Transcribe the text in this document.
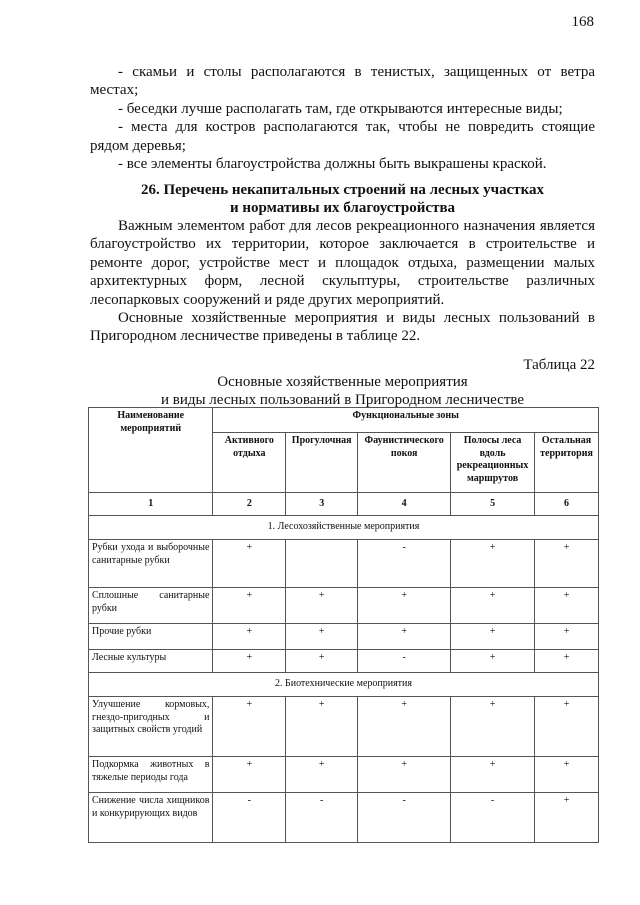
168

- скамьи и столы располагаются в тенистых, защищенных от ветра местах;

- беседки лучше располагать там, где открываются интересные виды;

- места для костров располагаются так, чтобы не повредить стоящие рядом деревья;

- все элементы благоустройства должны быть выкрашены краской.

26. Перечень некапитальных строений на лесных участках
и нормативы их благоустройства

Важным элементом работ для лесов рекреационного назначения является благоустройство их территории, которое заключается в строительстве и ремонте дорог, устройстве мест и площадок отдыха, размещении малых архитектурных форм, лесной скульптуры, строительстве различных лесопарковых сооружений и ряде других мероприятий.

Основные хозяйственные мероприятия и виды лесных пользований в Пригородном лесничестве приведены в таблице 22.

Таблица 22
Основные хозяйственные мероприятия
и виды лесных пользований в Пригородном лесничестве
Наименование мероприятий	Функциональные зоны				
	Активного отдыха	Прогулочная	Фаунистического покоя	Полосы леса вдоль рекреационных маршрутов	Остальная территория
1	2	3	4	5	6
1. Лесохозяйственные мероприятия					
Рубки ухода и выборочные санитарные рубки	+		-	+	+
Сплошные санитарные рубки	+	+	+	+	+
Прочие рубки	+	+	+	+	+
Лесные культуры	+	+	-	+	+
2. Биотехнические мероприятия					
Улучшение кормовых, гнездо-пригодных и защитных свойств угодий	+	+	+	+	+
Подкормка животных в тяжелые периоды года	+	+	+	+	+
Снижение числа хищников и конкурирующих видов	-	-	-	-	+
